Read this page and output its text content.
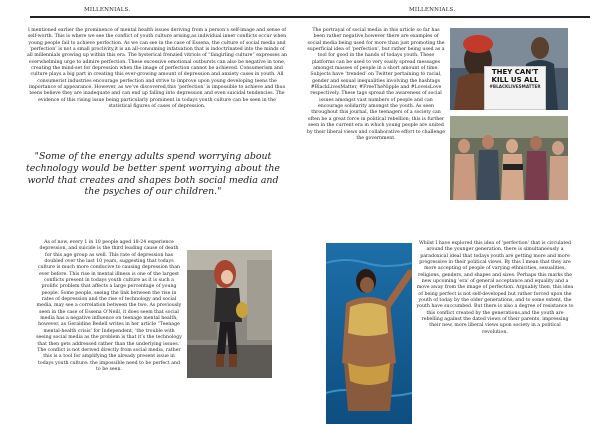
MILLENNIALS.	MILLENNIALS.

I mentioned earlier the prominence of mental health issues deriving from a person’s self-image and sense of self-worth. This is where we see the conflict of youth culture arising,as individual inner conflicts occur when young people fail to achieve perfection. As we can see in the case of Essena, the culture of social media and ‘perfection’ is not a small proclivity,it is an all-consuming infatuation that is indoctrinated into the minds of all millennials growing up within this era. The hysterical frenzied vitriols of “fangirling culture” expresses an overwhelming urge to admire perfection. These excessive emotional outbursts can also be negative in tone, creating the mind-set for depression when the image of perfection cannot be achieved. Consumerism and culture plays a big part in creating this ever-growing amount of depression and anxiety cases in youth. All consumerist industries encourage perfection and strive to improve upon young developing teens the importance of appearance. However, as we’ve discovered,this ‘perfection’ is impossible to achieve and thus teens believe they are inadequate and can end up falling into depression and even suicidal tendencies. The evidence of this rising issue being particularly prominent in todays youth culture can be seen in the statistical figures of cases of depression.

"Some of the energy adults spend worrying about technology would be better spent worrying about the world that creates and shapes both social media and the psyches of our children."

As of now, every 1 in 10 people aged 18-24 experience depression, and suicide is the third leading cause of death for this age group as well. This rate of depression has doubled over the last 10 years, suggesting that todays culture is much more conducive to causing depression than ever before. This rise in mental illness is one of the largest conflicts present in todays youth culture as it is such a prolific problem that affects a large percentage of young people. Some people, seeing the link between the rise in rates of depression and the rise of technology and social media, may see a correlation between the two. As previously seen in the case of Essena O’Neill, it does seem that social media has a negative influence on teenage mental health, however, as Geraldine Bedell writes in her article “Teenage mental-health crisis’ for Independent, ‘the trouble with seeing social media as the problem is that it’s the technology that then gets addressed rather than the underlying issues.’ The conflict is not derived directly from social media, rather this is a tool for amplifying the already present issue in todays youth culture: the impossible need to be perfect and to be seen.

The portrayal of social media in this article so far has been rather negative,however there are examples of social media being used for more than just promoting the superficial idea of ‘perfection’, but rather being used as a tool for good in the hands of todays youth. These platforms can be used to very easily spread messages amongst masses of people in a short amount of time. Subjects have ‘trended’ on Twitter pertaining to racial, gender and sexual inequalities involving the hashtags #BlackLivesMatter, #FreeTheNipple and #LoveisLove respectively. These tags spread the awareness of social issues amongst vast numbers of people and can encourage solidarity amongst the youth. As seen throughout this journal, the teenagers of a society can often be a great force in political rebellion; this is further seen in the current era in which young people are united by their liberal views and collaborative effort to challenge the government.

THEY CAN'T
KILL US ALL
#BLACKLIVESMATTER

Whilst I have explored this idea of ‘perfection’ that is circulated around the younger generation, there is simultaneously a paradoxical ideal that todays youth are getting more and more progressive in their political views. By this I mean that they are more accepting of people of varying ethnicities, sexualities, religions, genders, and shapes and sizes. Perhaps this marks the new upcoming ‘era’ of general acceptance and equality and a move away from the image of perfection. Arguably then, this idea of being perfect is not self-developed but rather forced upon the youth of today by the older generations, and to some extent, the youth have succumbed. But there is also a degree of resistance to this conflict created by the generations,and the youth are rebelling against the dated views of their parents, impressing their new, more liberal views upon society in a political revolution.
